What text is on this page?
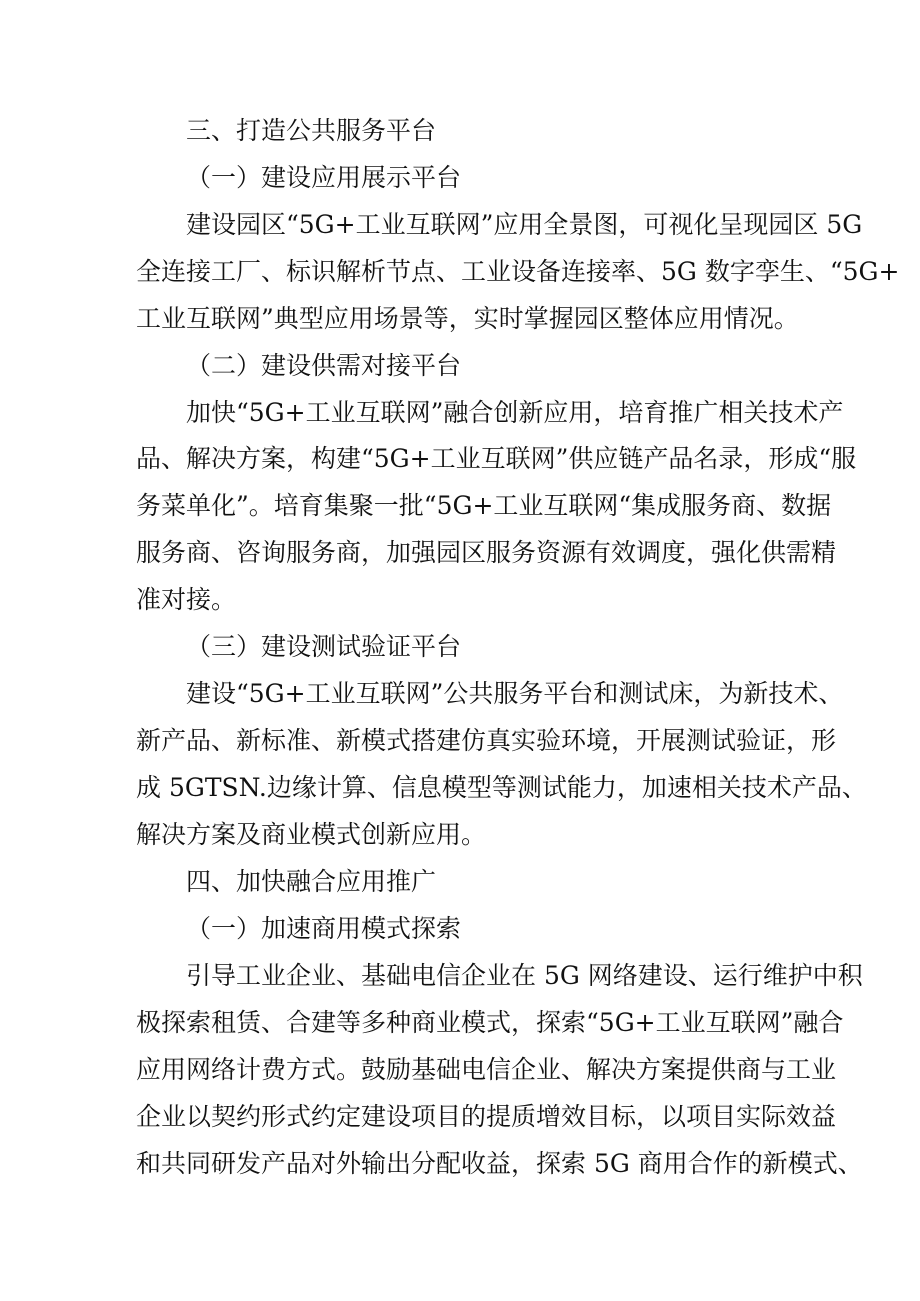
三、打造公共服务平台
（一）建设应用展示平台
建设园区“5G+工业互联网”应用全景图，可视化呈现园区 5G
全连接工厂、标识解析节点、工业设备连接率、5G 数字孪生、“5G+
工业互联网”典型应用场景等，实时掌握园区整体应用情况。
（二）建设供需对接平台
加快“5G+工业互联网”融合创新应用，培育推广相关技术产
品、解决方案，构建“5G+工业互联网”供应链产品名录，形成“服
务菜单化”。培育集聚一批“5G+工业互联网“集成服务商、数据
服务商、咨询服务商，加强园区服务资源有效调度，强化供需精
准对接。
（三）建设测试验证平台
建设“5G+工业互联网”公共服务平台和测试床，为新技术、
新产品、新标准、新模式搭建仿真实验环境，开展测试验证，形
成 5GTSN.边缘计算、信息模型等测试能力，加速相关技术产品、
解决方案及商业模式创新应用。
四、加快融合应用推广
（一）加速商用模式探索
引导工业企业、基础电信企业在 5G 网络建设、运行维护中积
极探索租赁、合建等多种商业模式，探索“5G+工业互联网”融合
应用网络计费方式。鼓励基础电信企业、解决方案提供商与工业
企业以契约形式约定建设项目的提质增效目标，以项目实际效益
和共同研发产品对外输出分配收益，探索 5G 商用合作的新模式、
